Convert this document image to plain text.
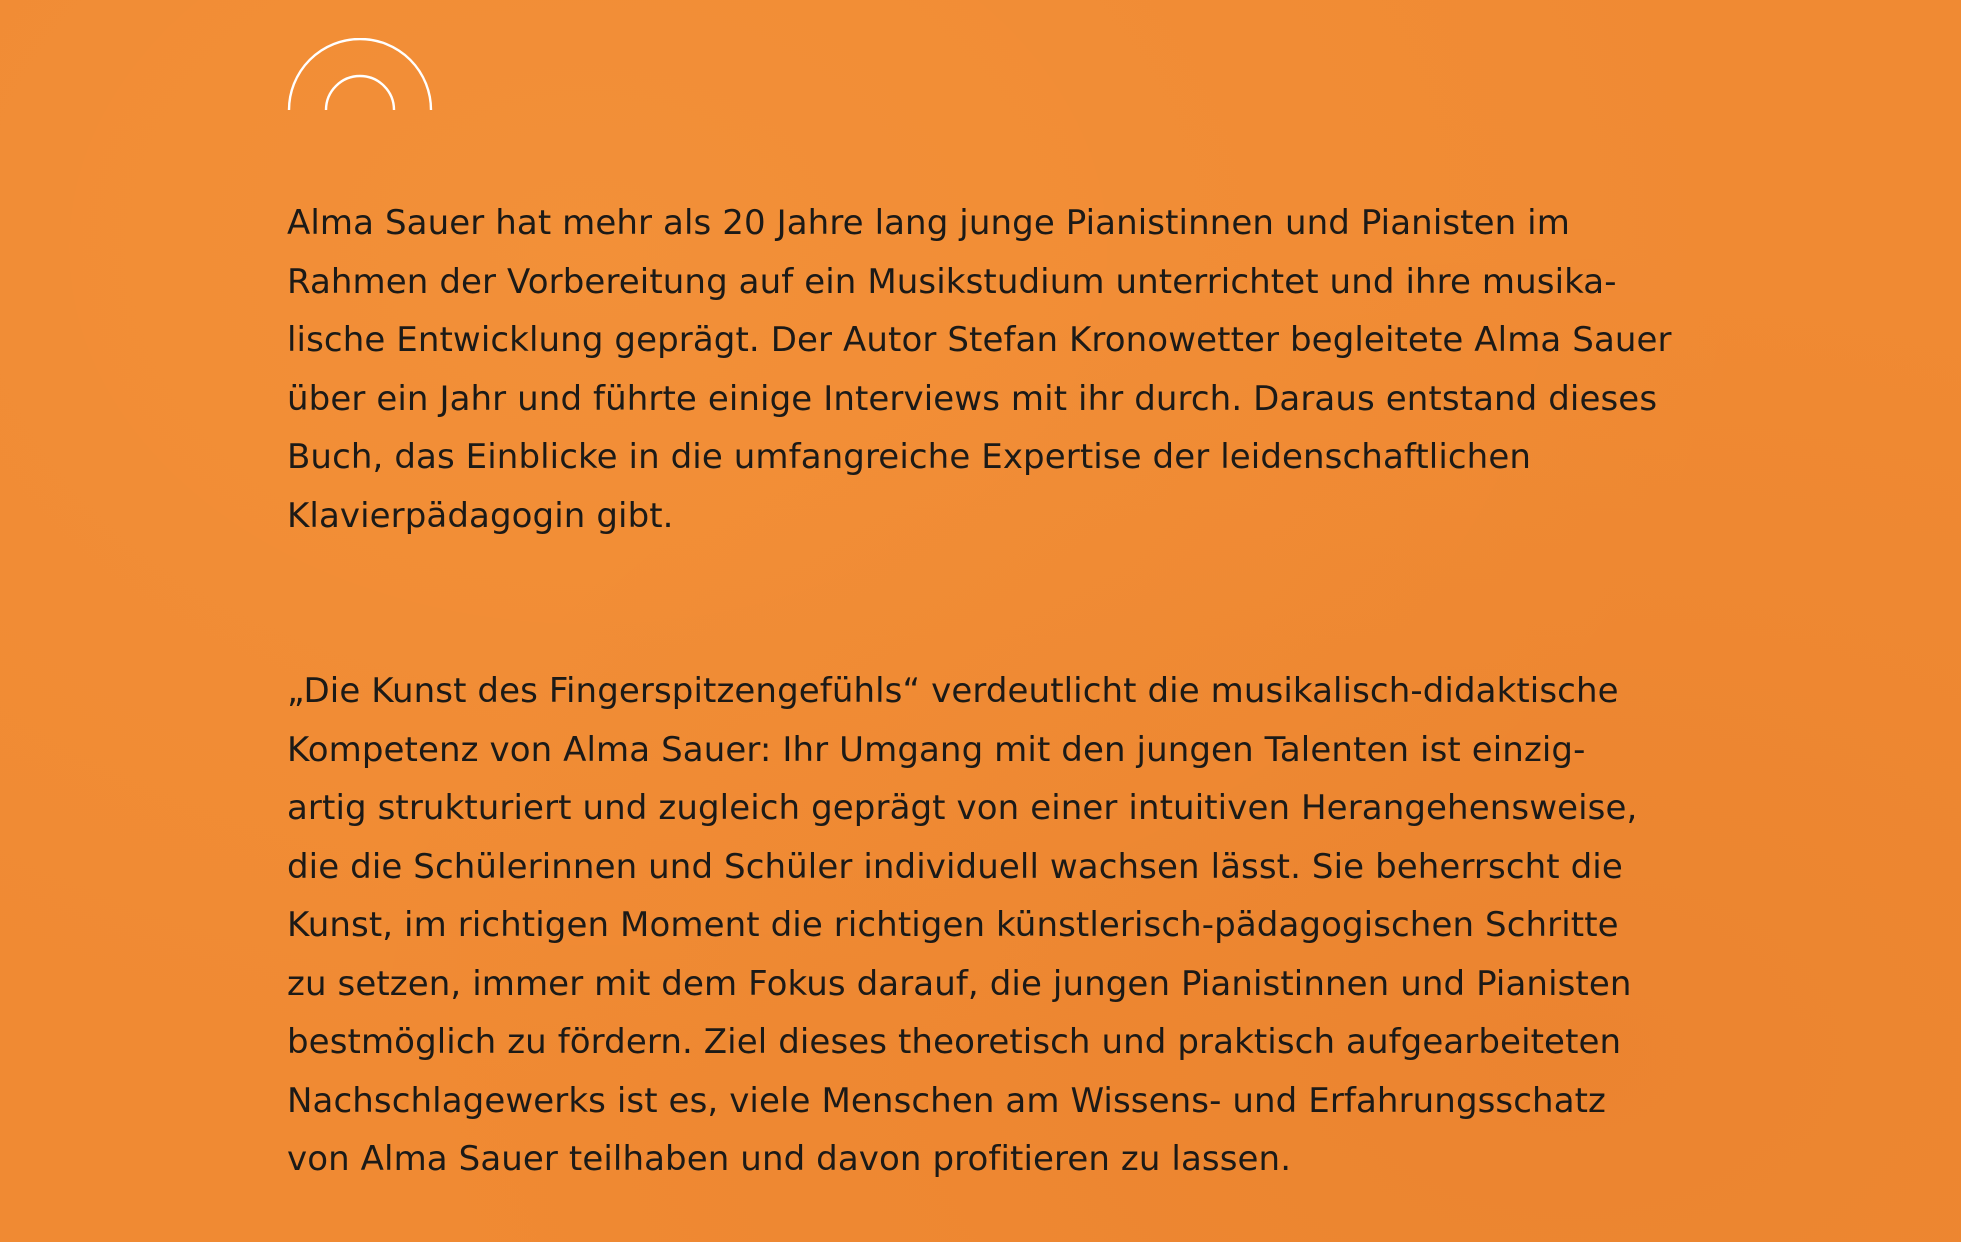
Alma Sauer hat mehr als 20 Jahre lang junge Pianistinnen und Pianisten im
Rahmen der Vorbereitung auf ein Musikstudium unterrichtet und ihre musika-
lische Entwicklung geprägt. Der Autor Stefan Kronowetter begleitete Alma Sauer
über ein Jahr und führte einige Interviews mit ihr durch. Daraus entstand dieses
Buch, das Einblicke in die umfangreiche Expertise der leidenschaftlichen
Klavierpädagogin gibt.
„Die Kunst des Fingerspitzengefühls“ verdeutlicht die musikalisch-didaktische
Kompetenz von Alma Sauer: Ihr Umgang mit den jungen Talenten ist einzig-
artig strukturiert und zugleich geprägt von einer intuitiven Herangehensweise,
die die Schülerinnen und Schüler individuell wachsen lässt. Sie beherrscht die
Kunst, im richtigen Moment die richtigen künstlerisch-pädagogischen Schritte
zu setzen, immer mit dem Fokus darauf, die jungen Pianistinnen und Pianisten
bestmöglich zu fördern. Ziel dieses theoretisch und praktisch aufgearbeiteten
Nachschlagewerks ist es, viele Menschen am Wissens- und Erfahrungsschatz
von Alma Sauer teilhaben und davon profitieren zu lassen.
